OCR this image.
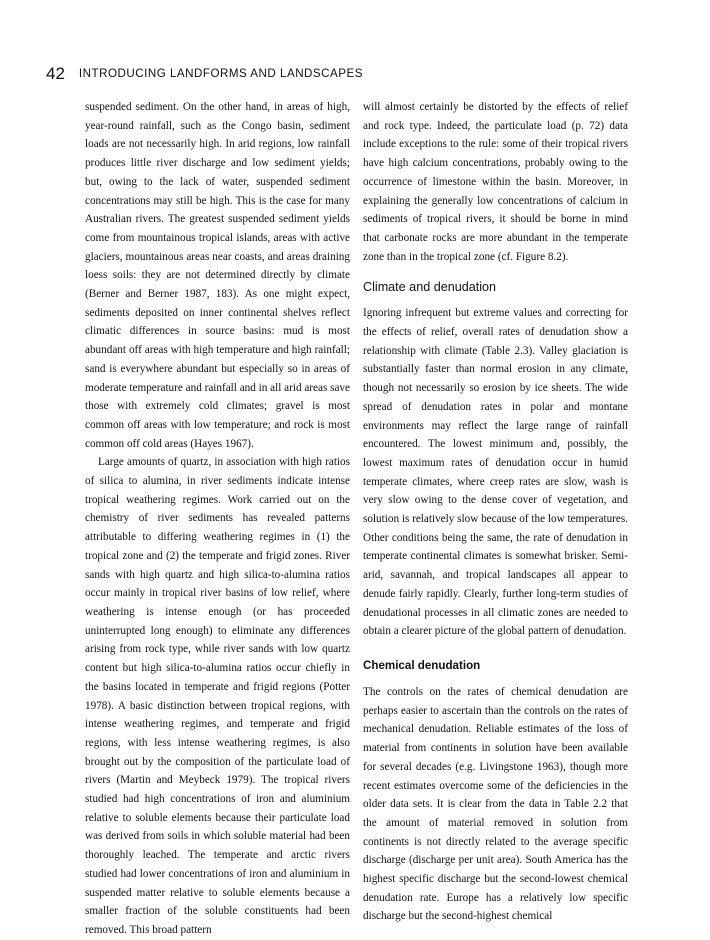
42 INTRODUCING LANDFORMS AND LANDSCAPES

suspended sediment. On the other hand, in areas of high, year-round rainfall, such as the Congo basin, sediment loads are not necessarily high. In arid regions, low rainfall produces little river discharge and low sediment yields; but, owing to the lack of water, suspended sediment concentrations may still be high. This is the case for many Australian rivers. The greatest suspended sediment yields come from mountainous tropical islands, areas with active glaciers, mountainous areas near coasts, and areas draining loess soils: they are not determined directly by climate (Berner and Berner 1987, 183). As one might expect, sediments deposited on inner continental shelves reflect climatic differences in source basins: mud is most abundant off areas with high temperature and high rainfall; sand is everywhere abundant but especially so in areas of moderate temperature and rainfall and in all arid areas save those with extremely cold climates; gravel is most common off areas with low temperature; and rock is most common off cold areas (Hayes 1967).

Large amounts of quartz, in association with high ratios of silica to alumina, in river sediments indicate intense tropical weathering regimes. Work carried out on the chemistry of river sediments has revealed patterns attributable to differing weathering regimes in (1) the tropical zone and (2) the temperate and frigid zones. River sands with high quartz and high silica-to-alumina ratios occur mainly in tropical river basins of low relief, where weathering is intense enough (or has proceeded uninterrupted long enough) to eliminate any differences arising from rock type, while river sands with low quartz content but high silica-to-alumina ratios occur chiefly in the basins located in temperate and frigid regions (Potter 1978). A basic distinction between tropical regions, with intense weathering regimes, and temperate and frigid regions, with less intense weathering regimes, is also brought out by the composition of the particulate load of rivers (Martin and Meybeck 1979). The tropical rivers studied had high concentrations of iron and aluminium relative to soluble elements because their particulate load was derived from soils in which soluble material had been thoroughly leached. The temperate and arctic rivers studied had lower concentrations of iron and aluminium in suspended matter relative to soluble elements because a smaller fraction of the soluble constituents had been removed. This broad pattern

will almost certainly be distorted by the effects of relief and rock type. Indeed, the particulate load (p. 72) data include exceptions to the rule: some of their tropical rivers have high calcium concentrations, probably owing to the occurrence of limestone within the basin. Moreover, in explaining the generally low concentrations of calcium in sediments of tropical rivers, it should be borne in mind that carbonate rocks are more abundant in the temperate zone than in the tropical zone (cf. Figure 8.2).

Climate and denudation

Ignoring infrequent but extreme values and correcting for the effects of relief, overall rates of denudation show a relationship with climate (Table 2.3). Valley glaciation is substantially faster than normal erosion in any climate, though not necessarily so erosion by ice sheets. The wide spread of denudation rates in polar and montane environments may reflect the large range of rainfall encountered. The lowest minimum and, possibly, the lowest maximum rates of denudation occur in humid temperate climates, where creep rates are slow, wash is very slow owing to the dense cover of vegetation, and solution is relatively slow because of the low temperatures. Other conditions being the same, the rate of denudation in temperate continental climates is somewhat brisker. Semi-arid, savannah, and tropical landscapes all appear to denude fairly rapidly. Clearly, further long-term studies of denudational processes in all climatic zones are needed to obtain a clearer picture of the global pattern of denudation.

Chemical denudation

The controls on the rates of chemical denudation are perhaps easier to ascertain than the controls on the rates of mechanical denudation. Reliable estimates of the loss of material from continents in solution have been available for several decades (e.g. Livingstone 1963), though more recent estimates overcome some of the deficiencies in the older data sets. It is clear from the data in Table 2.2 that the amount of material removed in solution from continents is not directly related to the average specific discharge (discharge per unit area). South America has the highest specific discharge but the second-lowest chemical denudation rate. Europe has a relatively low specific discharge but the second-highest chemical
